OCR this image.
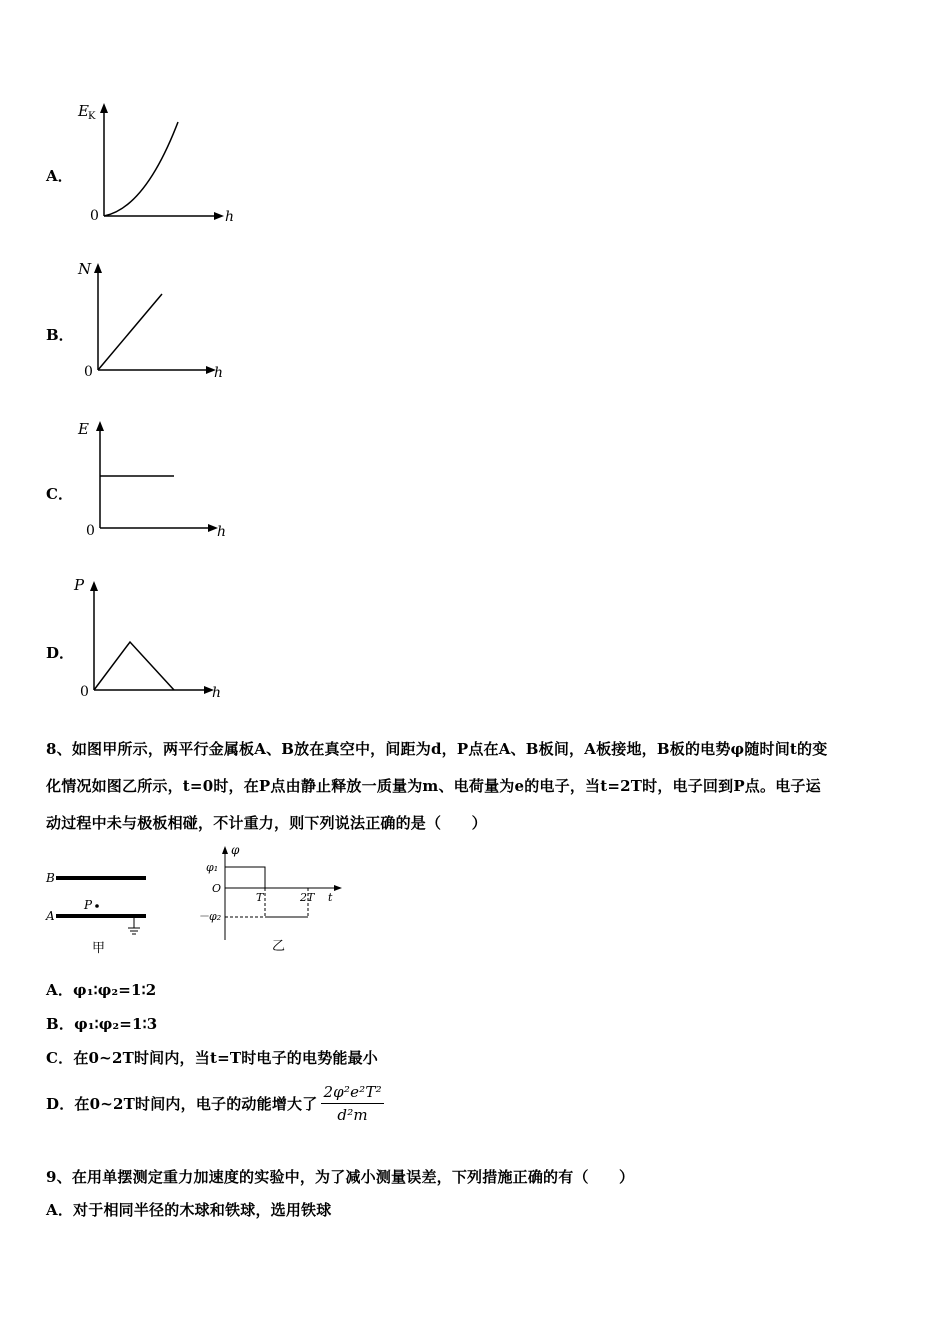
A．
E K
0	h
B．
N
0	h
C．
E
0	h
D．
P
0	h
8、如图甲所示，两平行金属板A、B放在真空中，间距为d，P点在A、B板间，A板接地，B板的电势φ随时间t的变
化情况如图乙所示，t=0时，在P点由静止释放一质量为m、电荷量为e的电子，当t=2T时，电子回到P点。电子运
动过程中未与极板相碰，不计重力，则下列说法正确的是（　　）
B
P
A
甲
φ
φ₁
O
－φ₂
T	2T t
乙
A．φ₁∶φ₂=1∶2
B．φ₁∶φ₂=1∶3
C．在0~2T时间内，当t=T时电子的电势能最小
D． 在0~2T时间内，电子的动能增大了 $\frac{\text{2φ²e²T²}}{\text{d²m}}$
9、在用单摆测定重力加速度的实验中，为了减小测量误差，下列措施正确的有（　　）
A．对于相同半径的木球和铁球，选用铁球
